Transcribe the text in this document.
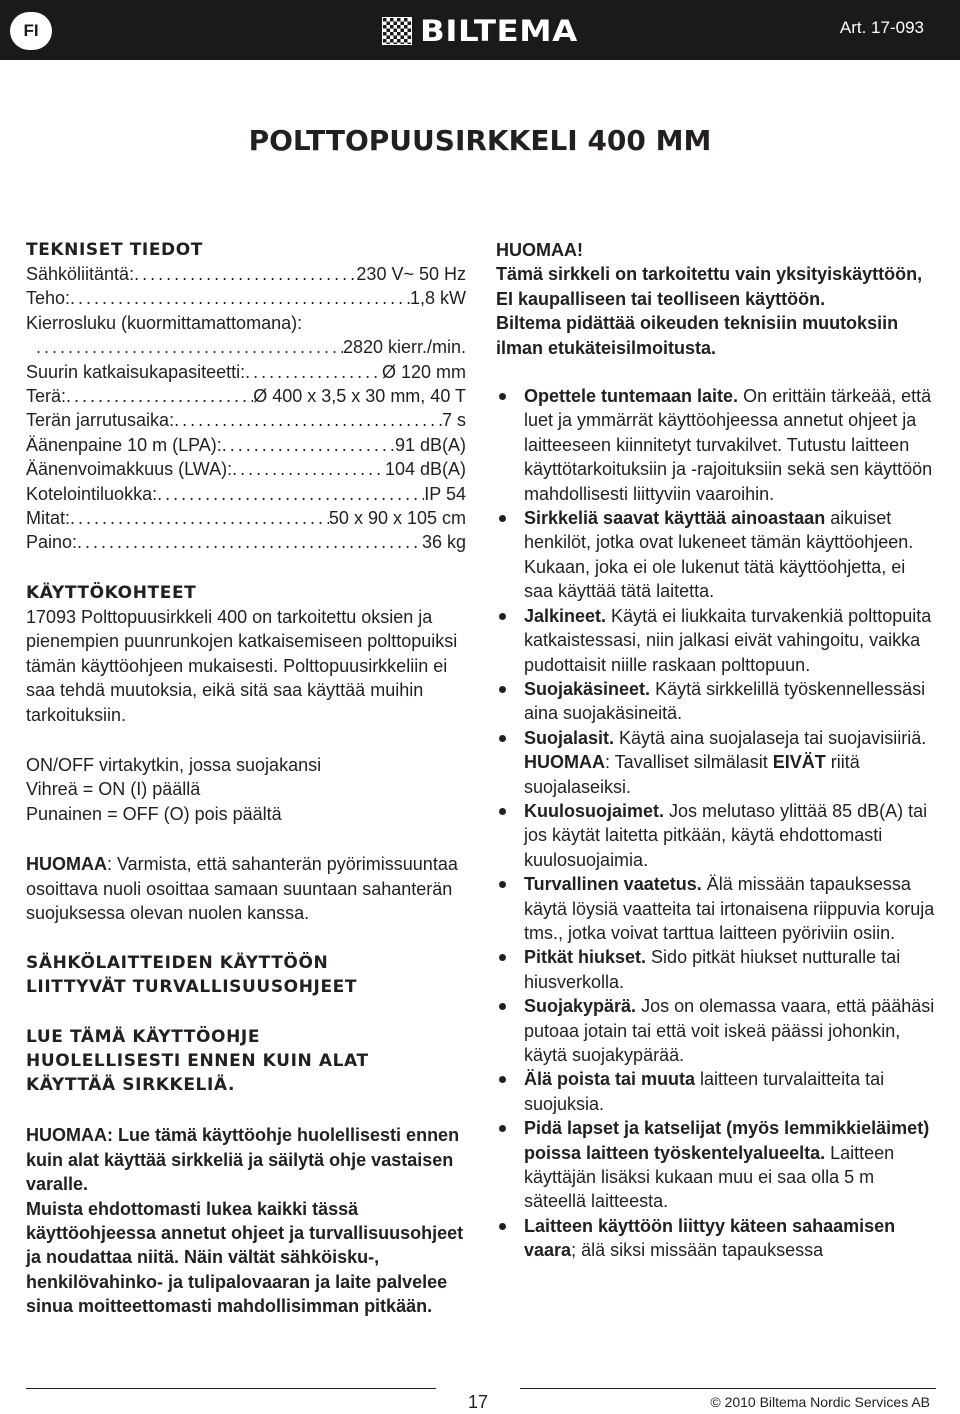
FI	BILTEMA	Art. 17-093
POLTTOPUUSIRKKELI 400 MM
TEKNISET TIEDOT
Sähköliitäntä: .....	230 V~ 50 Hz
Teho: .....	1,8 kW
Kierrosluku (kuormittamattomana):
.....
2820 kierr./min.
Suurin katkaisukapasiteetti: .....	Ø 120 mm
Terä: .....	Ø 400 x 3,5 x 30 mm, 40 T
Terän jarrutusaika: .....	7 s
Äänenpaine 10 m (LPA): .....	91 dB(A)
Äänenvoimakkuus (LWA): .....	104 dB(A)
Kotelointiluokka: .....	IP 54
Mitat: .....	50 x 90 x 105 cm
Paino: .....	36 kg
KÄYTTÖKOHTEET

17093 Polttopuusirkkeli 400 on tarkoitettu oksien ja pienempien puunrunkojen katkaisemiseen polttopuiksi tämän käyttöohjeen mukaisesti. Polttopuusirkkeliin ei saa tehdä muutoksia, eikä sitä saa käyttää muihin tarkoituksiin.

ON/OFF virtakytkin, jossa suojakansi
Vihreä = ON (I) päällä
Punainen = OFF (O) pois päältä

HUOMAA: Varmista, että sahanterän pyörimissuuntaa osoittava nuoli osoittaa samaan suuntaan sahanterän suojuksessa olevan nuolen kanssa.

SÄHKÖLAITTEIDEN KÄYTTÖÖN
LIITTYVÄT TURVALLISUUSOHJEET
LUE TÄMÄ KÄYTTÖOHJE
HUOLELLISESTI ENNEN KUIN ALAT
KÄYTTÄÄ SIRKKELIÄ.

HUOMAA: Lue tämä käyttöohje huolellisesti ennen kuin alat käyttää sirkkeliä ja säilytä ohje vastaisen varalle.

Muista ehdottomasti lukea kaikki tässä käyttöohjeessa annetut ohjeet ja turvallisuusohjeet ja noudattaa niitä. Näin vältät sähköisku-, henkilövahinko- ja tulipalovaaran ja laite palvelee sinua moitteettomasti mahdollisimman pitkään.

HUOMAA!

Tämä sirkkeli on tarkoitettu vain yksityiskäyttöön, EI kaupalliseen tai teolliseen käyttöön.

Biltema pidättää oikeuden teknisiin muutoksiin ilman etukäteisilmoitusta.

Opettele tuntemaan laite. On erittäin tärkeää, että luet ja ymmärrät käyttöohjeessa annetut ohjeet ja laitteeseen kiinnitetyt turvakilvet. Tutustu laitteen käyttötarkoituksiin ja -rajoituksiin sekä sen käyttöön mahdollisesti liittyviin vaaroihin.
Sirkkeliä saavat käyttää ainoastaan aikuiset henkilöt, jotka ovat lukeneet tämän käyttöohjeen. Kukaan, joka ei ole lukenut tätä käyttöohjetta, ei saa käyttää tätä laitetta.
Jalkineet. Käytä ei liukkaita turvakenkiä polttopuita katkaistessasi, niin jalkasi eivät vahingoitu, vaikka pudottaisit niille raskaan polttopuun.
Suojakäsineet. Käytä sirkkelillä työskennellessäsi aina suojakäsineitä.
Suojalasit. Käytä aina suojalaseja tai suojavisiiriä. HUOMAA: Tavalliset silmälasit EIVÄT riitä suojalaseiksi.
Kuulosuojaimet. Jos melutaso ylittää 85 dB(A) tai jos käytät laitetta pitkään, käytä ehdottomasti kuulosuojaimia.
Turvallinen vaatetus. Älä missään tapauksessa käytä löysiä vaatteita tai irtonaisena riippuvia koruja tms., jotka voivat tarttua laitteen pyöriviin osiin.
Pitkät hiukset. Sido pitkät hiukset nutturalle tai hiusverkolla.
Suojakypärä. Jos on olemassa vaara, että päähäsi putoaa jotain tai että voit iskeä päässi johonkin, käytä suojakypärää.
Älä poista tai muuta laitteen turvalaitteita tai suojuksia.
Pidä lapset ja katselijat (myös lemmikkieläimet) poissa laitteen työskentelyalueelta. Laitteen käyttäjän lisäksi kukaan muu ei saa olla 5 m säteellä laitteesta.
Laitteen käyttöön liittyy käteen sahaamisen vaara; älä siksi missään tapauksessa
17	© 2010 Biltema Nordic Services AB
